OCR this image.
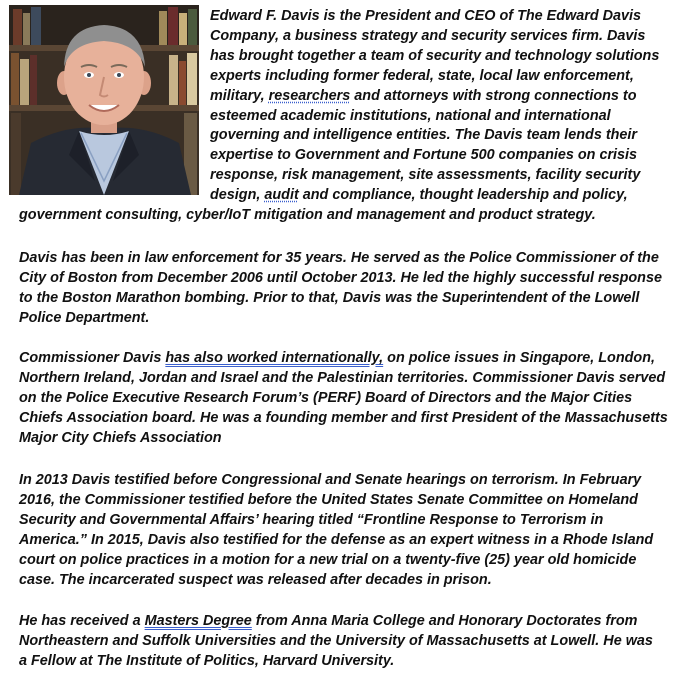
Edward F. Davis is the President and CEO of The Edward Davis
Company, a business strategy and security services firm. Davis
has brought together a team of security and technology solutions
experts including former federal, state, local law enforcement,
military, researchers and attorneys with strong connections to
esteemed academic institutions, national and international
governing and intelligence entities. The Davis team lends their
expertise to Government and Fortune 500 companies on crisis
response, risk management, site assessments, facility security
design, audit and compliance, thought leadership and policy,
government consulting, cyber/IoT mitigation and management and product strategy.
Davis has been in law enforcement for 35 years. He served as the Police Commissioner of the
City of Boston from December 2006 until October 2013. He led the highly successful response
to the Boston Marathon bombing. Prior to that, Davis was the Superintendent of the Lowell
Police Department.
Commissioner Davis has also worked internationally, on police issues in Singapore, London,
Northern Ireland, Jordan and Israel and the Palestinian territories. Commissioner Davis served
on the Police Executive Research Forum’s (PERF) Board of Directors and the Major Cities
Chiefs Association board. He was a founding member and first President of the Massachusetts
Major City Chiefs Association
In 2013 Davis testified before Congressional and Senate hearings on terrorism. In February
2016, the Commissioner testified before the United States Senate Committee on Homeland
Security and Governmental Affairs’ hearing titled “Frontline Response to Terrorism in
America.” In 2015, Davis also testified for the defense as an expert witness in a Rhode Island
court on police practices in a motion for a new trial on a twenty-five (25) year old homicide
case. The incarcerated suspect was released after decades in prison.
He has received a Masters Degree from Anna Maria College and Honorary Doctorates from
Northeastern and Suffolk Universities and the University of Massachusetts at Lowell. He was
a Fellow at The Institute of Politics, Harvard University.
